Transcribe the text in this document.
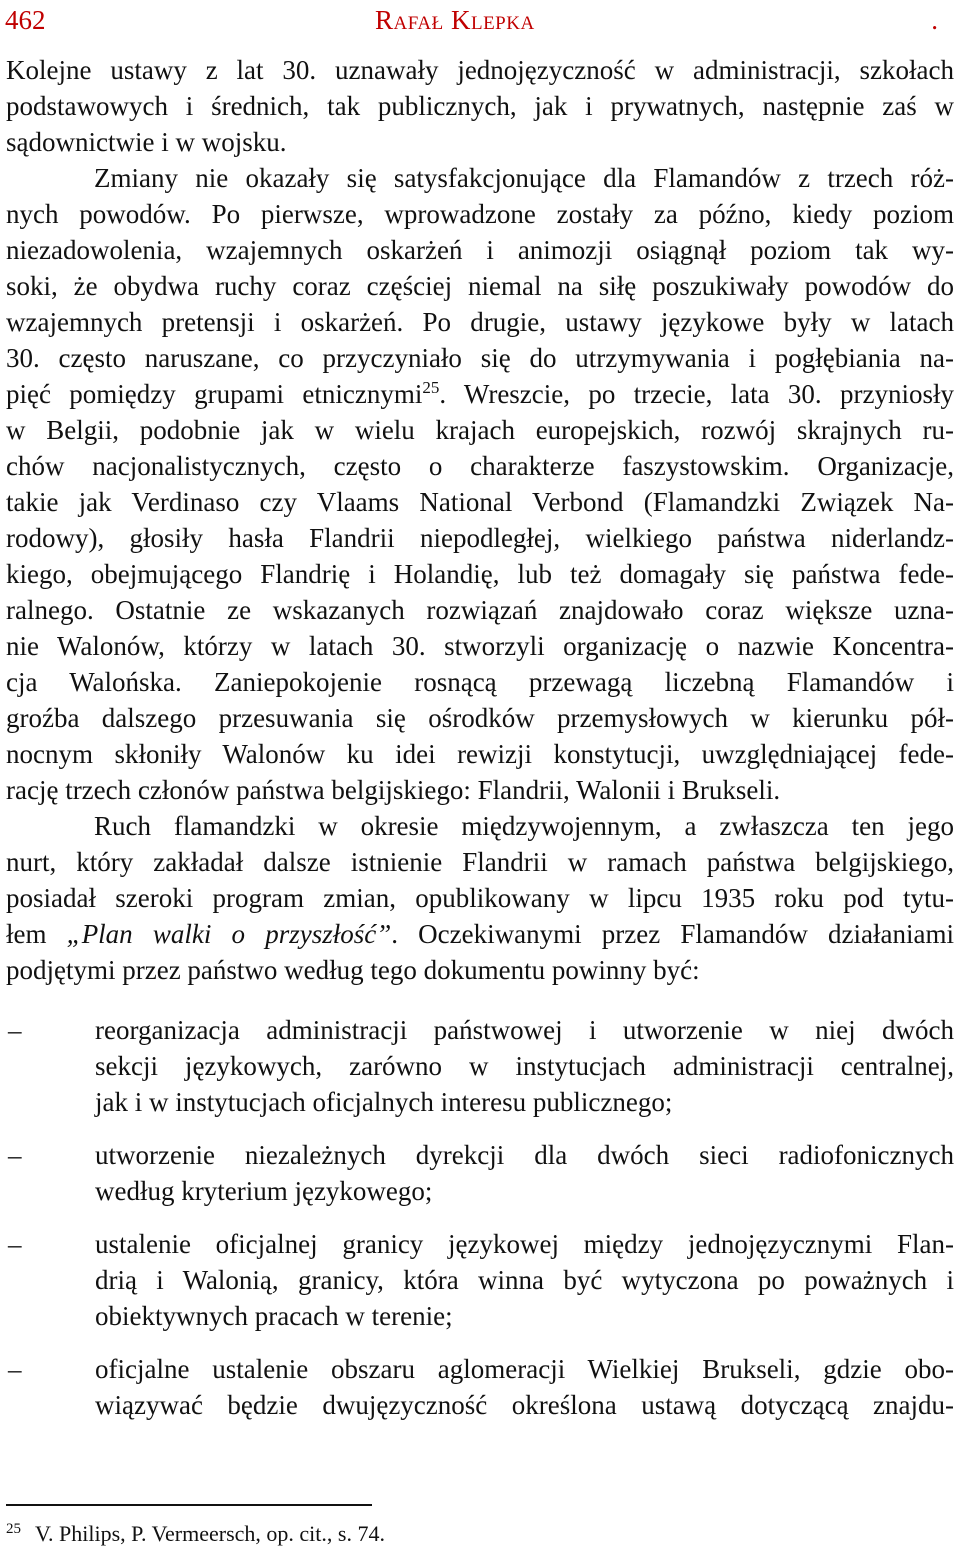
462	Rafał Klepka	.
Kolejne ustawy z lat 30. uznawały jednojęzyczność w administracji, szkołach
podstawowych i średnich, tak publicznych, jak i prywatnych, następnie zaś w
sądownictwie i w wojsku.
Zmiany nie okazały się satysfakcjonujące dla Flamandów z trzech róż-
nych powodów. Po pierwsze, wprowadzone zostały za późno, kiedy poziom
niezadowolenia, wzajemnych oskarżeń i animozji osiągnął poziom tak wy-
soki, że obydwa ruchy coraz częściej niemal na siłę poszukiwały powodów do
wzajemnych pretensji i oskarżeń. Po drugie, ustawy językowe były w latach
30. często naruszane, co przyczyniało się do utrzymywania i pogłębiania na-
pięć pomiędzy grupami etnicznymi$^{25}$. Wreszcie, po trzecie, lata 30. przyniosły
w Belgii, podobnie jak w wielu krajach europejskich, rozwój skrajnych ru-
chów nacjonalistycznych, często o charakterze faszystowskim. Organizacje,
takie jak Verdinaso czy Vlaams National Verbond (Flamandzki Związek Na-
rodowy), głosiły hasła Flandrii niepodległej, wielkiego państwa niderlandz-
kiego, obejmującego Flandrię i Holandię, lub też domagały się państwa fede-
ralnego. Ostatnie ze wskazanych rozwiązań znajdowało coraz większe uzna-
nie Walonów, którzy w latach 30. stworzyli organizację o nazwie Koncentra-
cja Walońska. Zaniepokojenie rosnącą przewagą liczebną Flamandów i
groźba dalszego przesuwania się ośrodków przemysłowych w kierunku pół-
nocnym skłoniły Walonów ku idei rewizji konstytucji, uwzględniającej fede-
rację trzech członów państwa belgijskiego: Flandrii, Walonii i Brukseli.
Ruch flamandzki w okresie międzywojennym, a zwłaszcza ten jego
nurt, który zakładał dalsze istnienie Flandrii w ramach państwa belgijskiego,
posiadał szeroki program zmian, opublikowany w lipcu 1935 roku pod tytu-
łem „Plan walki o przyszłość”. Oczekiwanymi przez Flamandów działaniami
podjętymi przez państwo według tego dokumentu powinny być:
–	reorganizacja administracji państwowej i utworzenie w niej dwóch
sekcji językowych, zarówno w instytucjach administracji centralnej,
jak i w instytucjach oficjalnych interesu publicznego;
–	utworzenie niezależnych dyrekcji dla dwóch sieci radiofonicznych
według kryterium językowego;
–	ustalenie oficjalnej granicy językowej między jednojęzycznymi Flan-
drią i Walonią, granicy, która winna być wytyczona po poważnych i
obiektywnych pracach w terenie;
–	oficjalne ustalenie obszaru aglomeracji Wielkiej Brukseli, gdzie obo-
wiązywać będzie dwujęzyczność określona ustawą dotyczącą znajdu-
$^{25}$ V. Philips, P. Vermeersch, op. cit., s. 74.
